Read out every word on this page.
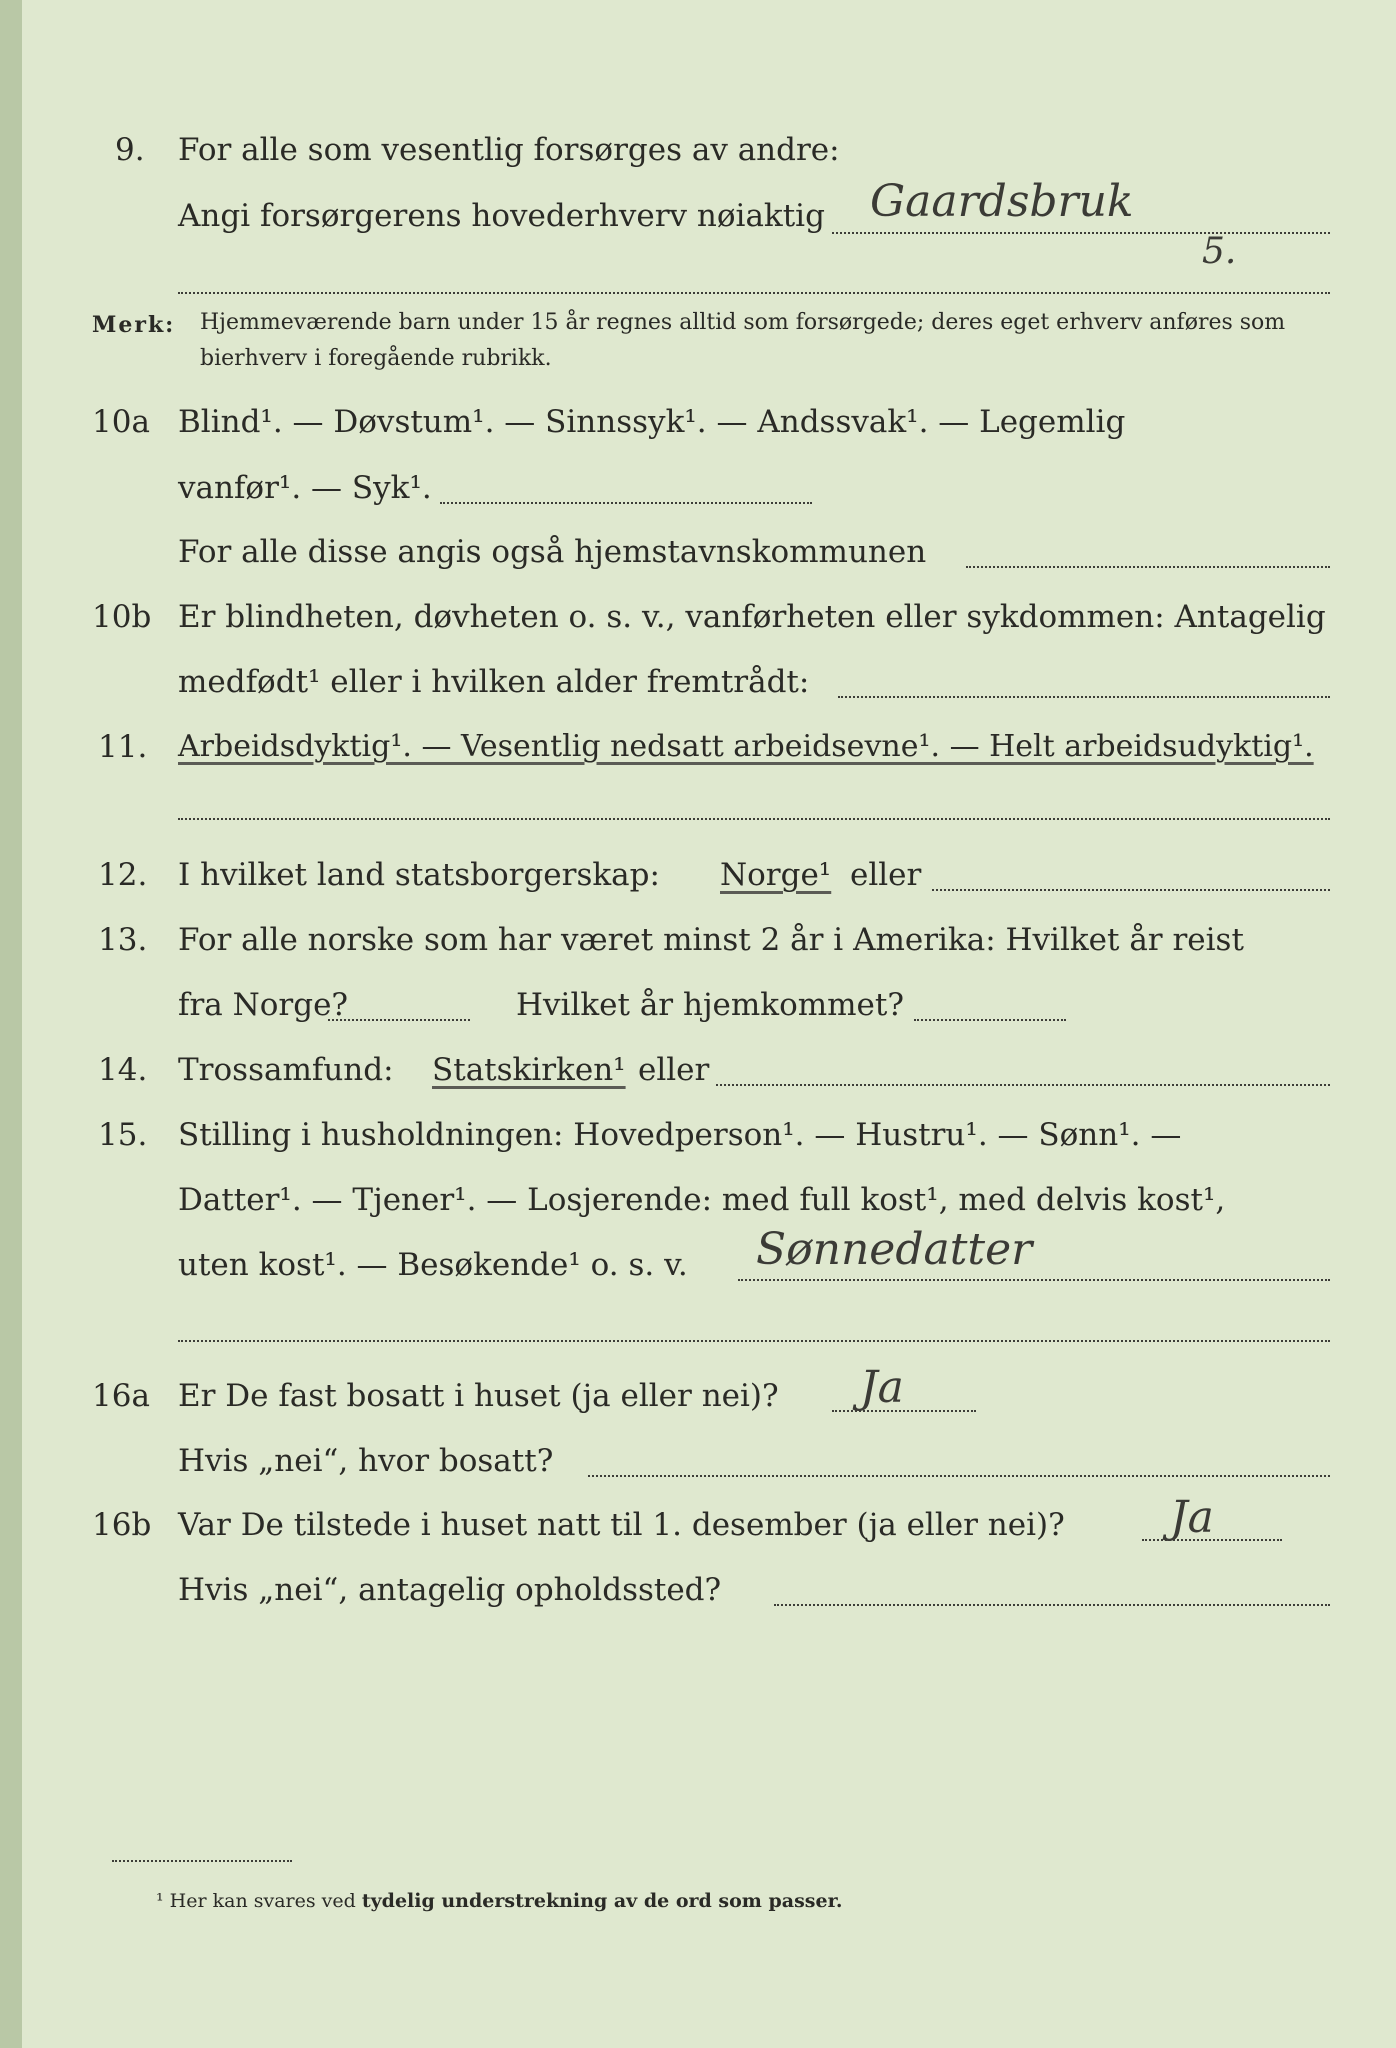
9.	For alle som vesentlig forsørges av andre:
Angi forsørgerens hovederhverv nøiaktig Gaardsbruk
5.
Merk: Hjemmeværende barn under 15 år regnes alltid som forsørgede; deres eget erhverv anføres som bierhverv i foregående rubrikk.
10a Blind¹. — Døvstum¹. — Sinnssyk¹. — Andssvak¹. — Legemlig
vanfør¹. — Syk¹.
For alle disse angis også hjemstavnskommunen
10b Er blindheten, døvheten o. s. v., vanførheten eller sykdommen: Antagelig
medfødt¹ eller i hvilken alder fremtrådt:
11.	Arbeidsdyktig¹. — Vesentlig nedsatt arbeidsevne¹. — Helt arbeidsudyktig¹.
12. I hvilket land statsborgerskap: Norge¹ eller
13. For alle norske som har været minst 2 år i Amerika: Hvilket år reist
fra Norge?	Hvilket år hjemkommet?
14. Trossamfund: Statskirken¹ eller
15. Stilling i husholdningen: Hovedperson¹. — Hustru¹. — Sønn¹. —
Datter¹. — Tjener¹. — Losjerende: med full kost¹, med delvis kost¹,
uten kost¹. — Besøkende¹ o. s. v. Sønnedatter
16a Er De fast bosatt i huset (ja eller nei)? Ja
Hvis „nei“, hvor bosatt?
16b Var De tilstede i huset natt til 1. desember (ja eller nei)? Ja
Hvis „nei“, antagelig opholdssted?
¹ Her kan svares ved tydelig understrekning av de ord som passer.
